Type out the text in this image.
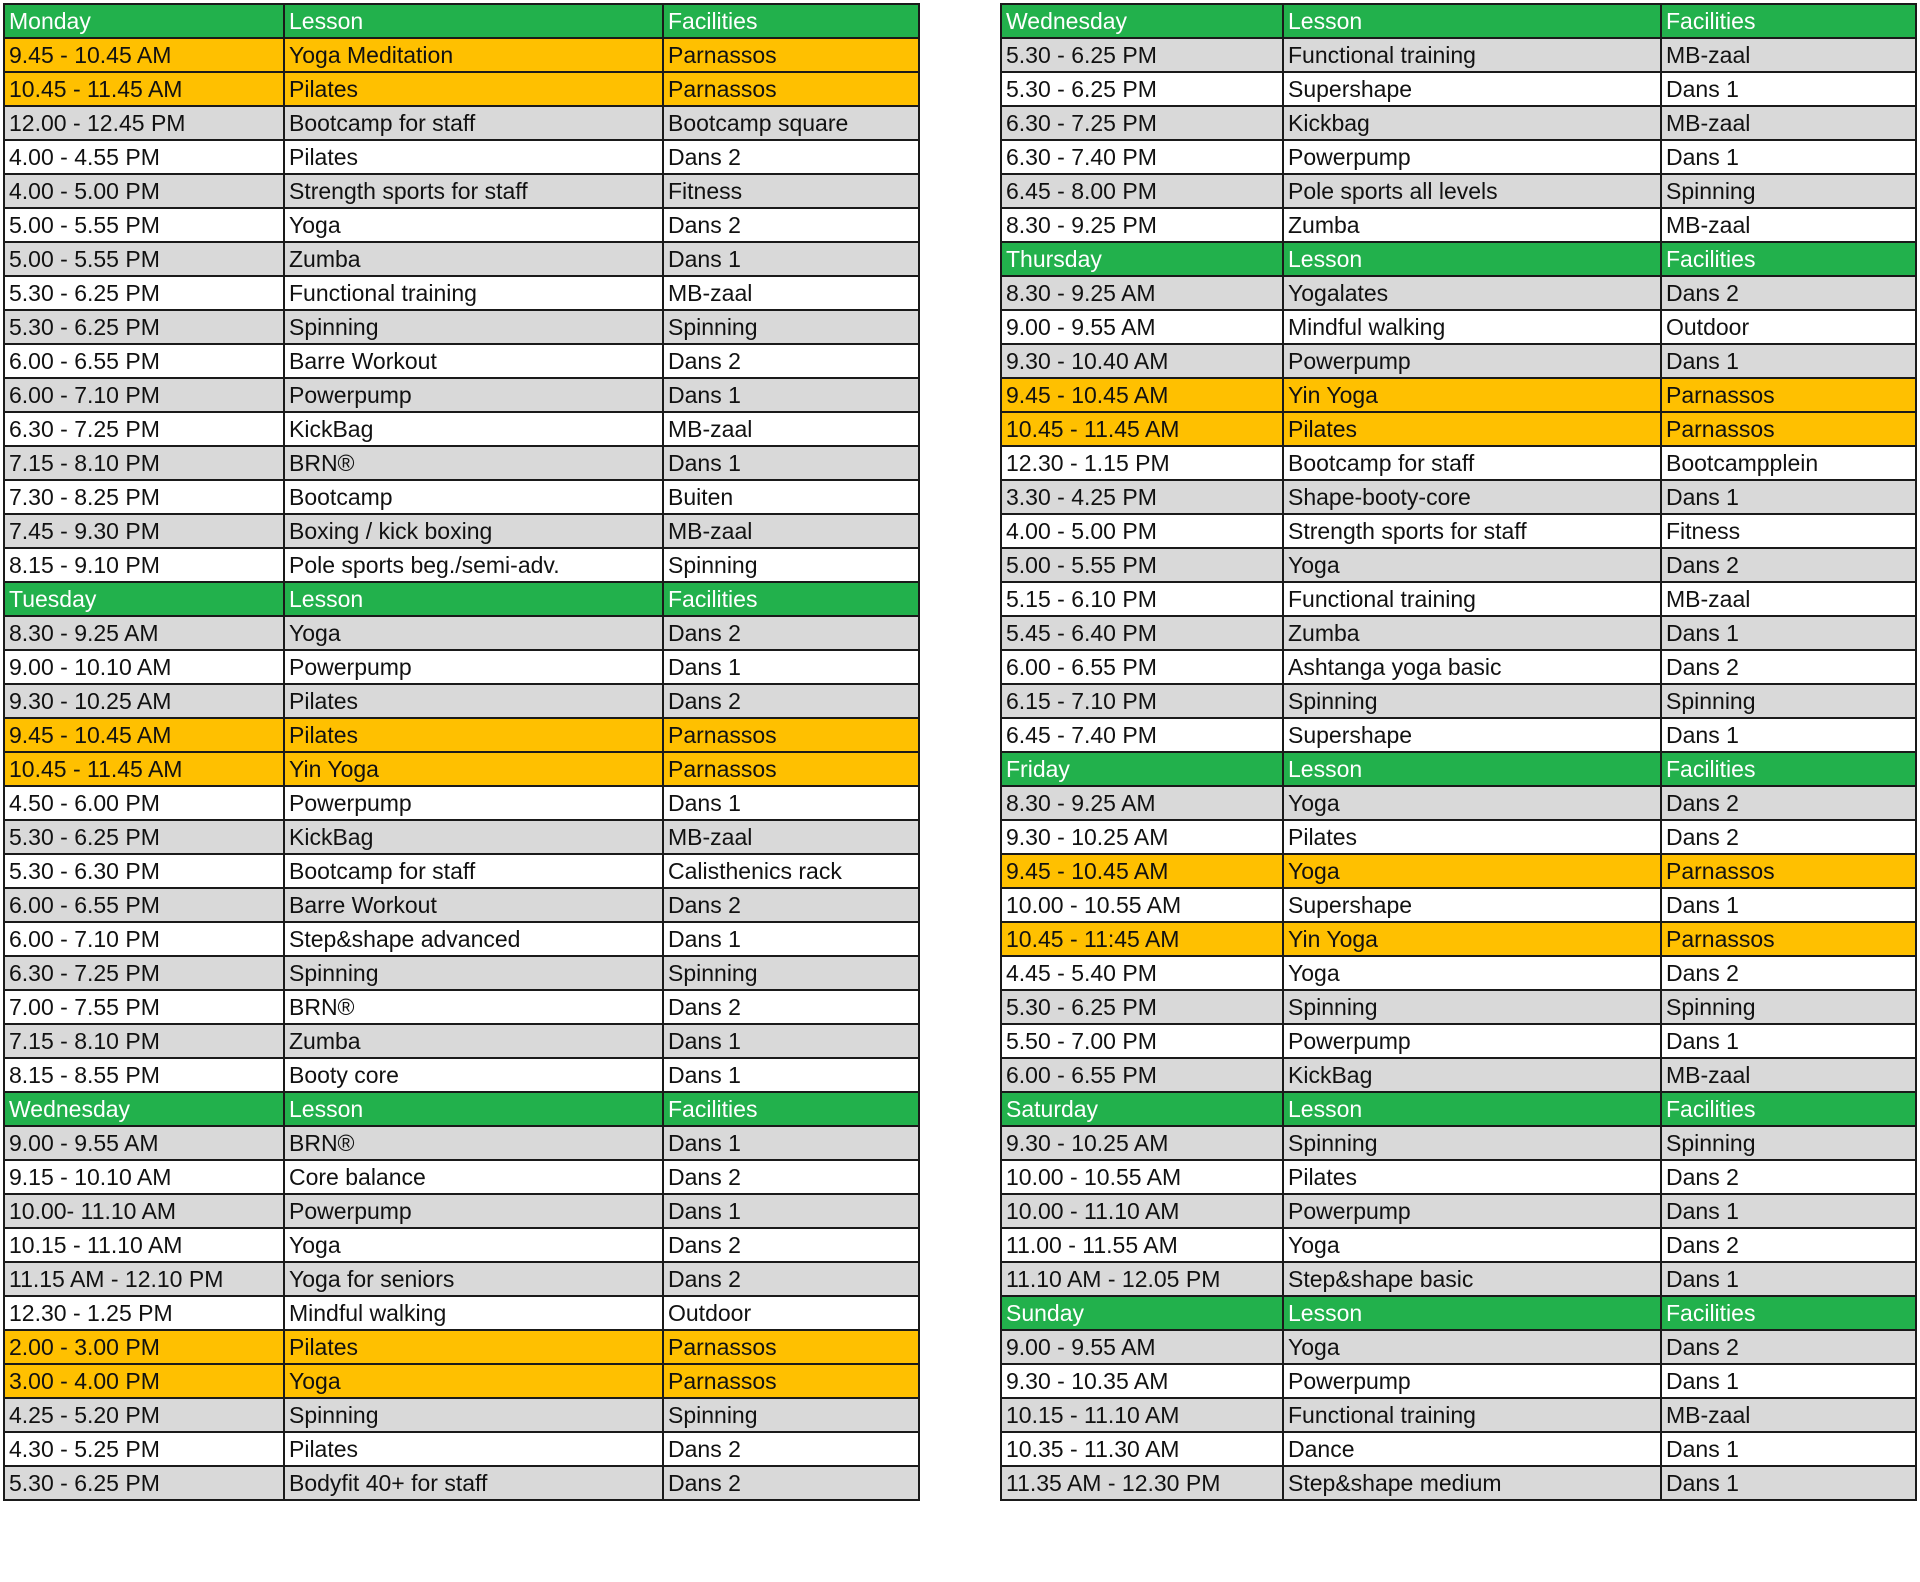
Monday	Lesson	Facilities
9.45 - 10.45 AM	Yoga Meditation	Parnassos
10.45 - 11.45 AM	Pilates	Parnassos
12.00 - 12.45 PM	Bootcamp for staff	Bootcamp square
4.00 - 4.55 PM	Pilates	Dans 2
4.00 - 5.00 PM	Strength sports for staff	Fitness
5.00 - 5.55 PM	Yoga	Dans 2
5.00 - 5.55 PM	Zumba	Dans 1
5.30 - 6.25 PM	Functional training	MB-zaal
5.30 - 6.25 PM	Spinning	Spinning
6.00 - 6.55 PM	Barre Workout	Dans 2
6.00 - 7.10 PM	Powerpump	Dans 1
6.30 - 7.25 PM	KickBag	MB-zaal
7.15 - 8.10 PM	BRN®	Dans 1
7.30 - 8.25 PM	Bootcamp	Buiten
7.45 - 9.30 PM	Boxing / kick boxing	MB-zaal
8.15 - 9.10 PM	Pole sports beg./semi-adv.	Spinning
Tuesday	Lesson	Facilities
8.30 - 9.25 AM	Yoga	Dans 2
9.00 - 10.10 AM	Powerpump	Dans 1
9.30 - 10.25 AM	Pilates	Dans 2
9.45 - 10.45 AM	Pilates	Parnassos
10.45 - 11.45 AM	Yin Yoga	Parnassos
4.50 - 6.00 PM	Powerpump	Dans 1
5.30 - 6.25 PM	KickBag	MB-zaal
5.30 - 6.30 PM	Bootcamp for staff	Calisthenics rack
6.00 - 6.55 PM	Barre Workout	Dans 2
6.00 - 7.10 PM	Step&shape advanced	Dans 1
6.30 - 7.25 PM	Spinning	Spinning
7.00 - 7.55 PM	BRN®	Dans 2
7.15 - 8.10 PM	Zumba	Dans 1
8.15 - 8.55 PM	Booty core	Dans 1
Wednesday	Lesson	Facilities
9.00 - 9.55 AM	BRN®	Dans 1
9.15 - 10.10 AM	Core balance	Dans 2
10.00- 11.10 AM	Powerpump	Dans 1
10.15 - 11.10 AM	Yoga	Dans 2
11.15 AM - 12.10 PM	Yoga for seniors	Dans 2
12.30 - 1.25 PM	Mindful walking	Outdoor
2.00 - 3.00 PM	Pilates	Parnassos
3.00 - 4.00 PM	Yoga	Parnassos
4.25 - 5.20 PM	Spinning	Spinning
4.30 - 5.25 PM	Pilates	Dans 2
5.30 - 6.25 PM	Bodyfit 40+ for staff	Dans 2
Wednesday	Lesson	Facilities
5.30 - 6.25 PM	Functional training	MB-zaal
5.30 - 6.25 PM	Supershape	Dans 1
6.30 - 7.25 PM	Kickbag	MB-zaal
6.30 - 7.40 PM	Powerpump	Dans 1
6.45 - 8.00 PM	Pole sports all levels	Spinning
8.30 - 9.25 PM	Zumba	MB-zaal
Thursday	Lesson	Facilities
8.30 - 9.25 AM	Yogalates	Dans 2
9.00 - 9.55 AM	Mindful walking	Outdoor
9.30 - 10.40 AM	Powerpump	Dans 1
9.45 - 10.45 AM	Yin Yoga	Parnassos
10.45 - 11.45 AM	Pilates	Parnassos
12.30 - 1.15 PM	Bootcamp for staff	Bootcampplein
3.30 - 4.25 PM	Shape-booty-core	Dans 1
4.00 - 5.00 PM	Strength sports for staff	Fitness
5.00 - 5.55 PM	Yoga	Dans 2
5.15 - 6.10 PM	Functional training	MB-zaal
5.45 - 6.40 PM	Zumba	Dans 1
6.00 - 6.55 PM	Ashtanga yoga basic	Dans 2
6.15 - 7.10 PM	Spinning	Spinning
6.45 - 7.40 PM	Supershape	Dans 1
Friday	Lesson	Facilities
8.30 - 9.25 AM	Yoga	Dans 2
9.30 - 10.25 AM	Pilates	Dans 2
9.45 - 10.45 AM	Yoga	Parnassos
10.00 - 10.55 AM	Supershape	Dans 1
10.45 - 11:45 AM	Yin Yoga	Parnassos
4.45 - 5.40 PM	Yoga	Dans 2
5.30 - 6.25 PM	Spinning	Spinning
5.50 - 7.00 PM	Powerpump	Dans 1
6.00 - 6.55 PM	KickBag	MB-zaal
Saturday	Lesson	Facilities
9.30 - 10.25 AM	Spinning	Spinning
10.00 - 10.55 AM	Pilates	Dans 2
10.00 - 11.10 AM	Powerpump	Dans 1
11.00 - 11.55 AM	Yoga	Dans 2
11.10 AM - 12.05 PM	Step&shape basic	Dans 1
Sunday	Lesson	Facilities
9.00 - 9.55 AM	Yoga	Dans 2
9.30 - 10.35 AM	Powerpump	Dans 1
10.15 - 11.10 AM	Functional training	MB-zaal
10.35 - 11.30 AM	Dance	Dans 1
11.35 AM - 12.30 PM	Step&shape medium	Dans 1
